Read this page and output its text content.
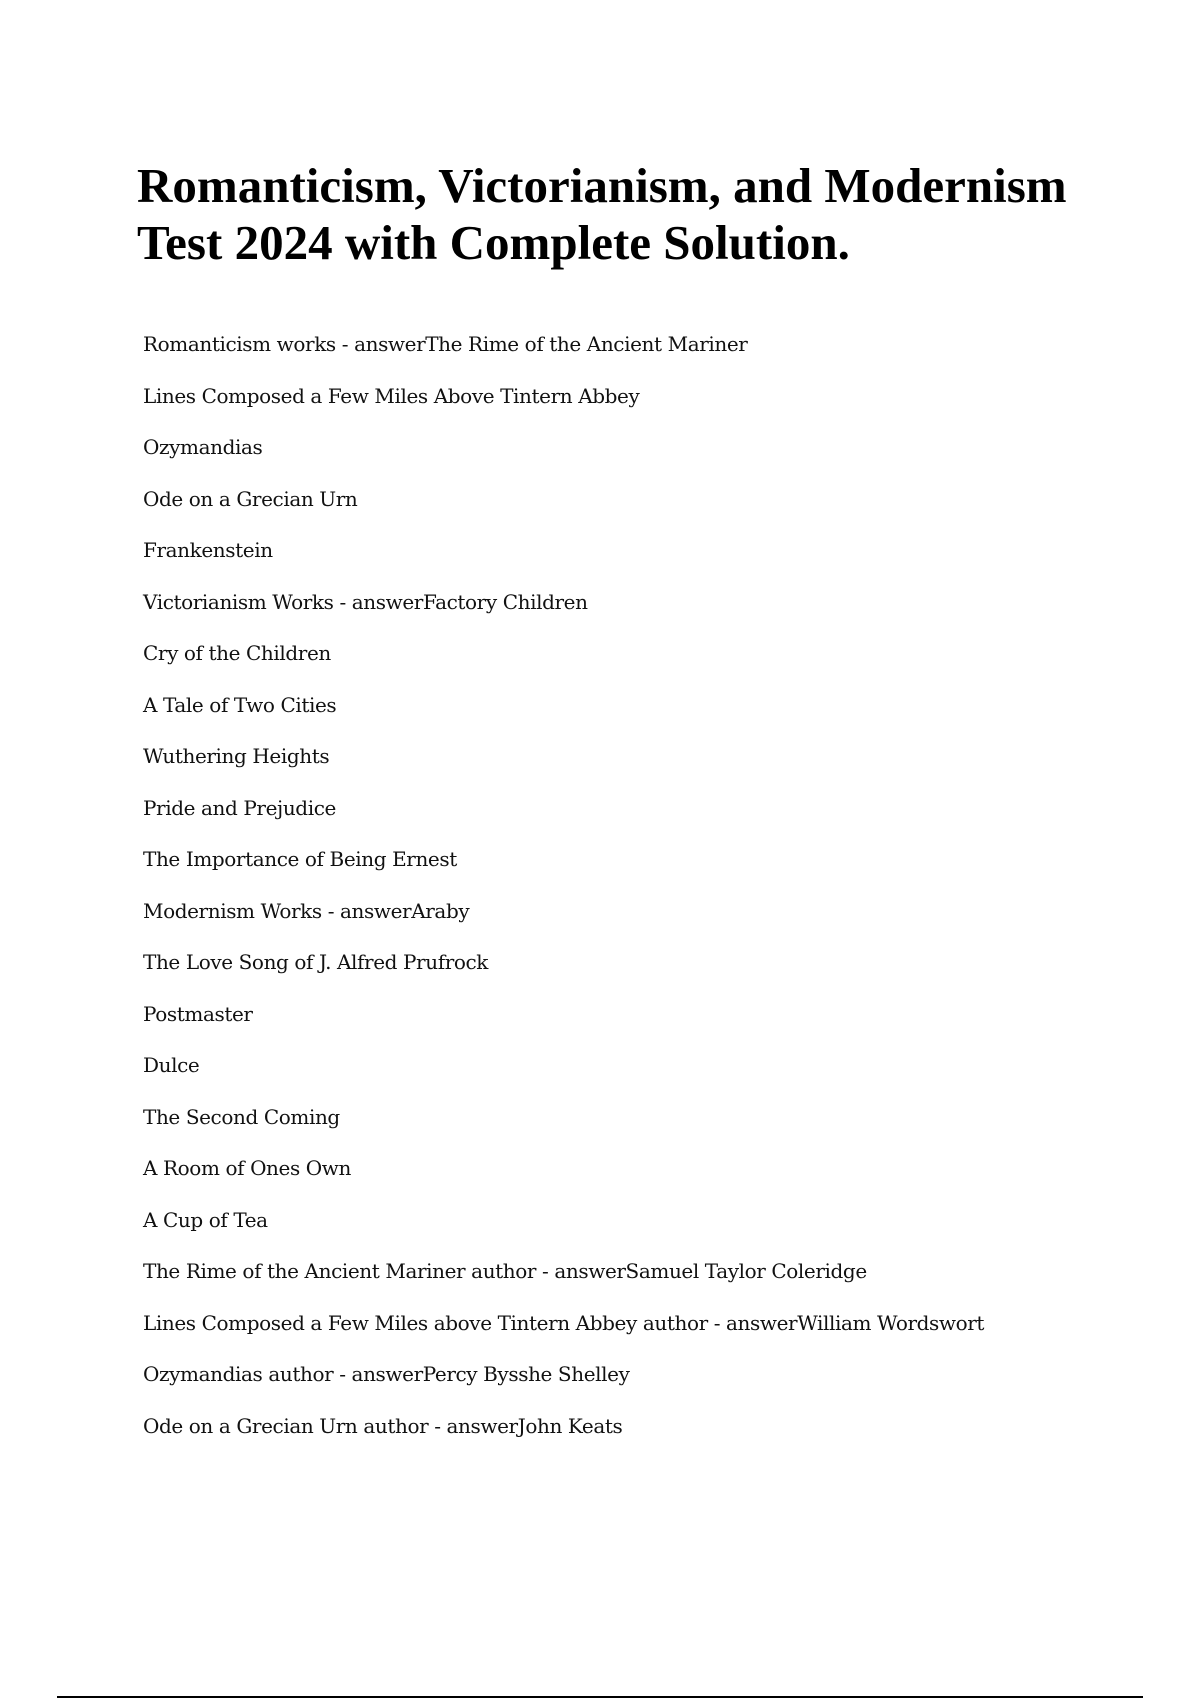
Romanticism, Victorianism, and Modernism
Test 2024 with Complete Solution.
Romanticism works - answerThe Rime of the Ancient Mariner
Lines Composed a Few Miles Above Tintern Abbey
Ozymandias
Ode on a Grecian Urn
Frankenstein
Victorianism Works - answerFactory Children
Cry of the Children
A Tale of Two Cities
Wuthering Heights
Pride and Prejudice
The Importance of Being Ernest
Modernism Works - answerAraby
The Love Song of J. Alfred Prufrock
Postmaster
Dulce
The Second Coming
A Room of Ones Own
A Cup of Tea
The Rime of the Ancient Mariner author - answerSamuel Taylor Coleridge
Lines Composed a Few Miles above Tintern Abbey author - answerWilliam Wordswort
Ozymandias author - answerPercy Bysshe Shelley
Ode on a Grecian Urn author - answerJohn Keats
